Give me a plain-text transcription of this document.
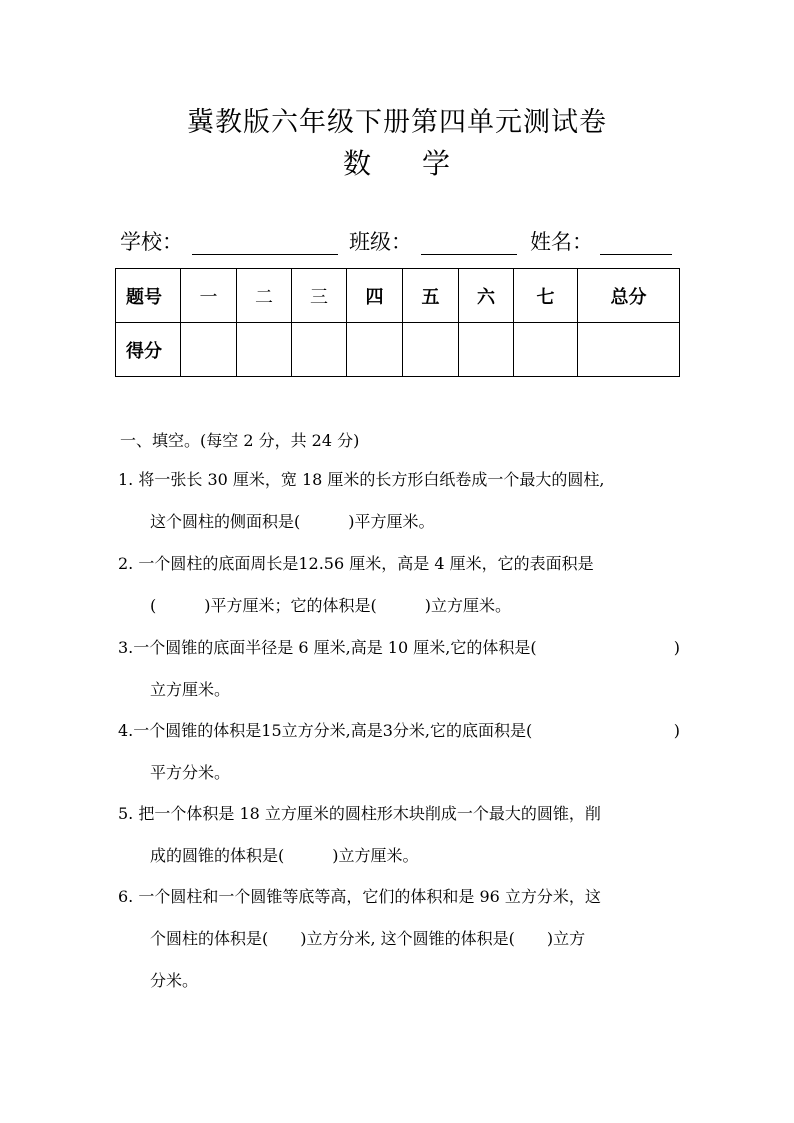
冀教版六年级下册第四单元测试卷
数 学
学校：	班级：	姓名：
题号	一	二	三	四	五	六	七	总分
得分								
一、填空。(每空 2 分，共 24 分)
1. 将一张长 30 厘米，宽 18 厘米的长方形白纸卷成一个最大的圆柱,
这个圆柱的侧面积是(　　　)平方厘米。
2. 一个圆柱的底面周长是12.56 厘米，高是 4 厘米，它的表面积是
(　　　)平方厘米；它的体积是(　　　)立方厘米。
3.一个圆锥的底面半径是 6 厘米,高是 10 厘米,它的体积是(	)
立方厘米。
4.一个圆锥的体积是15立方分米,高是3分米,它的底面积是(	)
平方分米。
5. 把一个体积是 18 立方厘米的圆柱形木块削成一个最大的圆锥，削
成的圆锥的体积是(　　　)立方厘米。
6. 一个圆柱和一个圆锥等底等高，它们的体积和是 96 立方分米，这
个圆柱的体积是(　　)立方分米, 这个圆锥的体积是(　　)立方
分米。
